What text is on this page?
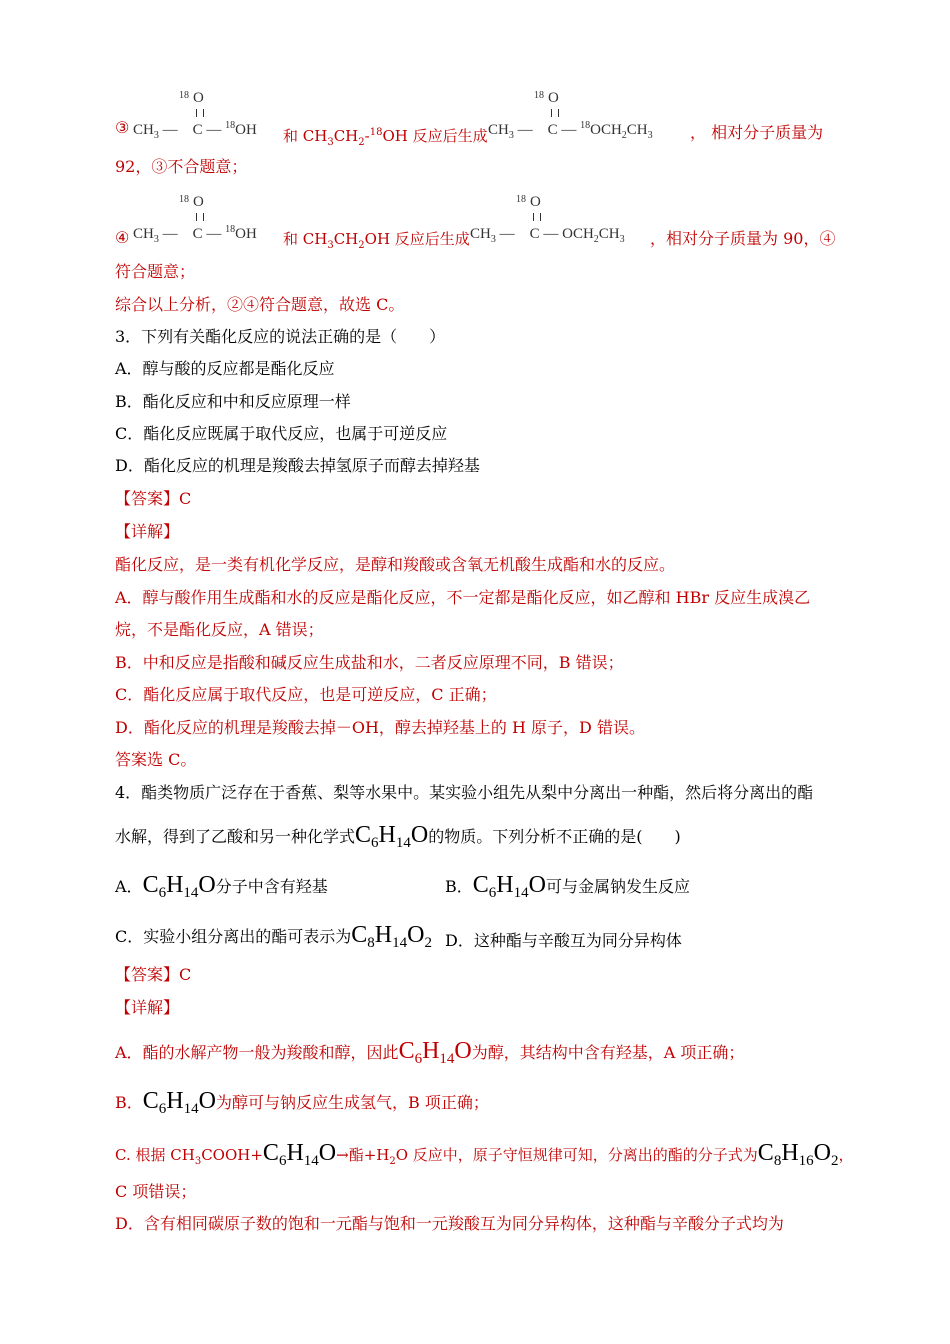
③
18 O
$CH_3$ —　 C — $^{18}$OH 和 $CH_3CH_2-^{18}OH$ 反应后生成
18 O
$CH_3$ —　 C — $^{18}OCH_2CH_3$ ， 相对分子质量为
92，③不合题意；
④
18 O
$CH_3$ —　 C — $^{18}$OH 和 $CH_3CH_2OH$ 反应后生成
18 O
$CH_3$ —　 C — $OCH_2CH_3$ ，相对分子质量为 90，④
符合题意；
综合以上分析，②④符合题意，故选 C。
3．下列有关酯化反应的说法正确的是（　　）
A．醇与酸的反应都是酯化反应
B．酯化反应和中和反应原理一样
C．酯化反应既属于取代反应，也属于可逆反应
D．酯化反应的机理是羧酸去掉氢原子而醇去掉羟基
【答案】C
【详解】
酯化反应，是一类有机化学反应，是醇和羧酸或含氧无机酸生成酯和水的反应。
A．醇与酸作用生成酯和水的反应是酯化反应，不一定都是酯化反应，如乙醇和 HBr 反应生成溴乙
烷，不是酯化反应，A 错误；
B．中和反应是指酸和碱反应生成盐和水，二者反应原理不同，B 错误；
C．酯化反应属于取代反应，也是可逆反应，C 正确；
D．酯化反应的机理是羧酸去掉－OH，醇去掉羟基上的 H 原子，D 错误。
答案选 C。
4．酯类物质广泛存在于香蕉、梨等水果中。某实验小组先从梨中分离出一种酯，然后将分离出的酯
水解，得到了乙酸和另一种化学式$C_6H_{14}O$的物质。下列分析不正确的是(　　)
A．$C_6H_{14}O$分子中含有羟基	B．$C_6H_{14}O$可与金属钠发生反应
C．实验小组分离出的酯可表示为$C_8H_{14}O_2$ D．这种酯与辛酸互为同分异构体
【答案】C
【详解】
A．酯的水解产物一般为羧酸和醇，因此$C_6H_{14}O$为醇，其结构中含有羟基，A 项正确；
B．$C_6H_{14}O$为醇可与钠反应生成氢气，B 项正确；
C. 根据 $CH_3COOH+C_6H_{14}O\to$酯$+H_2O$ 反应中，原子守恒规律可知，分离出的酯的分子式为$C_8H_{16}O_2$，
C 项错误；
D．含有相同碳原子数的饱和一元酯与饱和一元羧酸互为同分异构体，这种酯与辛酸分子式均为
